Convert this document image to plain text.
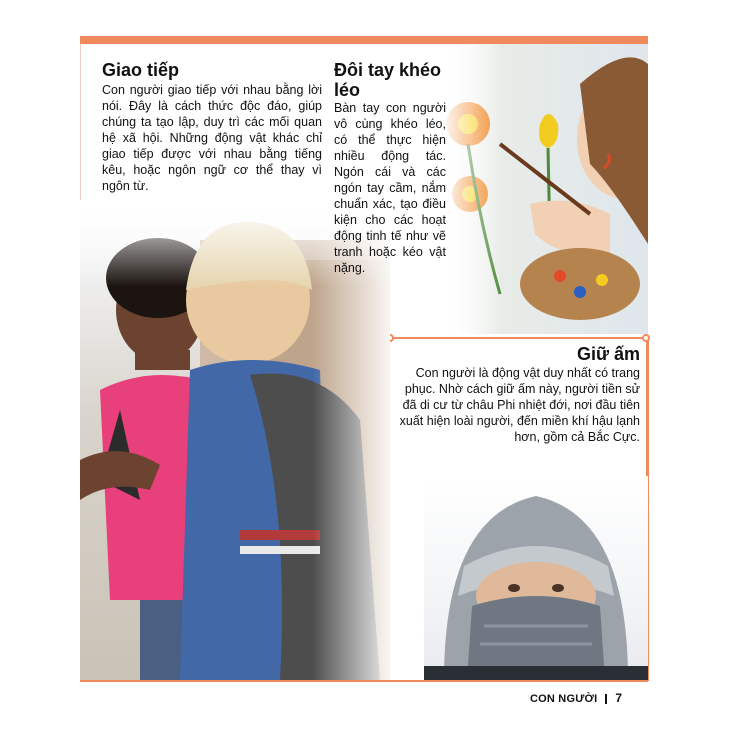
Giao tiếp
Con người giao tiếp với nhau bằng lời nói. Đây là cách thức độc đáo, giúp chúng ta tạo lập, duy trì các mối quan hệ xã hội. Những động vật khác chỉ giao tiếp được với nhau bằng tiếng kêu, hoặc ngôn ngữ cơ thể thay vì ngôn từ.
Đôi tay khéo léo
Bàn tay con người vô cùng khéo léo, có thể thực hiện nhiều động tác. Ngón cái và các ngón tay cầm, nắm chuẩn xác, tạo điều kiện cho các hoạt động tinh tế như vẽ tranh hoặc kéo vật nặng.
Giữ ấm
Con người là động vật duy nhất có trang phục. Nhờ cách giữ ấm này, người tiền sử đã di cư từ châu Phi nhiệt đới, nơi đầu tiên xuất hiện loài người, đến miền khí hậu lạnh hơn, gồm cả Bắc Cực.
CON NGƯỜI 7
